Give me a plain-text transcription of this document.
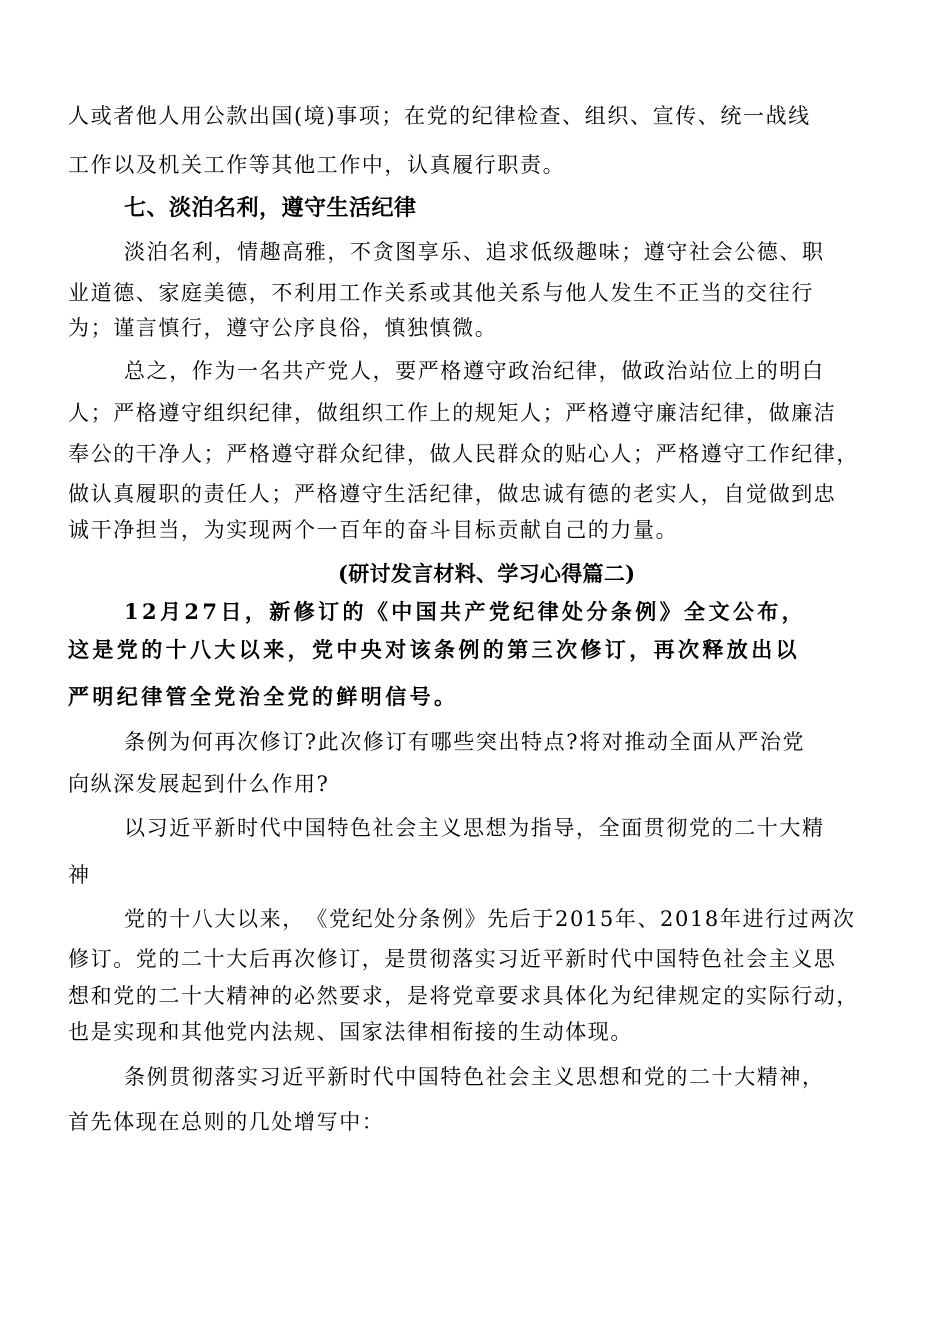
人或者他人用公款出国(境)事项；在党的纪律检查、组织、宣传、统一战线
工作以及机关工作等其他工作中，认真履行职责。
七、淡泊名利，遵守生活纪律
淡泊名利，情趣高雅，不贪图享乐、追求低级趣味；遵守社会公德、职
业道德、家庭美德，不利用工作关系或其他关系与他人发生不正当的交往行
为；谨言慎行，遵守公序良俗，慎独慎微。
总之，作为一名共产党人，要严格遵守政治纪律，做政治站位上的明白
人；严格遵守组织纪律，做组织工作上的规矩人；严格遵守廉洁纪律，做廉洁
奉公的干净人；严格遵守群众纪律，做人民群众的贴心人；严格遵守工作纪律，
做认真履职的责任人；严格遵守生活纪律，做忠诚有德的老实人，自觉做到忠
诚干净担当，为实现两个一百年的奋斗目标贡献自己的力量。
(研讨发言材料、学习心得篇二)
12月27日，新修订的《中国共产党纪律处分条例》全文公布，
这是党的十八大以来，党中央对该条例的第三次修订，再次释放出以
严明纪律管全党治全党的鲜明信号。
条例为何再次修订?此次修订有哪些突出特点?将对推动全面从严治党
向纵深发展起到什么作用?
以习近平新时代中国特色社会主义思想为指导，全面贯彻党的二十大精
神
党的十八大以来，　《党纪处分条例》先后于2015年、2018年进行过两次
修订。党的二十大后再次修订，是贯彻落实习近平新时代中国特色社会主义思
想和党的二十大精神的必然要求，是将党章要求具体化为纪律规定的实际行动，
也是实现和其他党内法规、国家法律相衔接的生动体现。
条例贯彻落实习近平新时代中国特色社会主义思想和党的二十大精神，
首先体现在总则的几处增写中：
